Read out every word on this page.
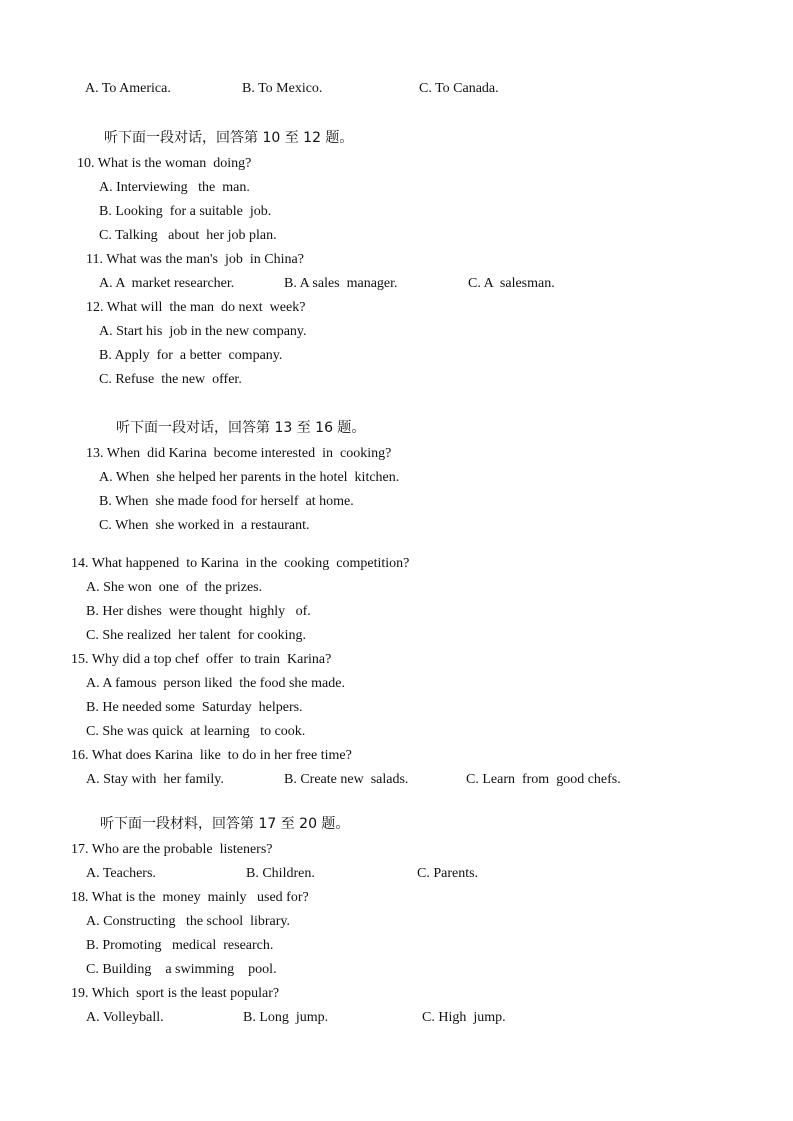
A. To America.	B. To Mexico.	C. To Canada.
听下面一段对话，回答第 10 至 12 题。
10. What is the woman  doing?
A. Interviewing   the  man.
B. Looking  for a suitable  job.
C. Talking   about  her job plan.
11. What was the man's  job  in China?
A. A  market researcher.	B. A sales  manager.	C. A  salesman.
12. What will  the man  do next  week?
A. Start his  job in the new company.
B. Apply  for  a better  company.
C. Refuse  the new  offer.
听下面一段对话，回答第 13 至 16 题。
13. When  did Karina  become interested  in  cooking?
A. When  she helped her parents in the hotel  kitchen.
B. When  she made food for herself  at home.
C. When  she worked in  a restaurant.
14. What happened  to Karina  in the  cooking  competition?
A. She won  one  of  the prizes.
B. Her dishes  were thought  highly   of.
C. She realized  her talent  for cooking.
15. Why did a top chef  offer  to train  Karina?
A. A famous  person liked  the food she made.
B. He needed some  Saturday  helpers.
C. She was quick  at learning   to cook.
16. What does Karina  like  to do in her free time?
A. Stay with  her family.	B. Create new  salads.	C. Learn  from  good chefs.
听下面一段材料，回答第 17 至 20 题。
17. Who are the probable  listeners?
A. Teachers.	B. Children.	C. Parents.
18. What is the  money  mainly   used for?
A. Constructing   the school  library.
B. Promoting   medical  research.
C. Building    a swimming    pool.
19. Which  sport is the least popular?
A. Volleyball.	B. Long  jump.	C. High  jump.
